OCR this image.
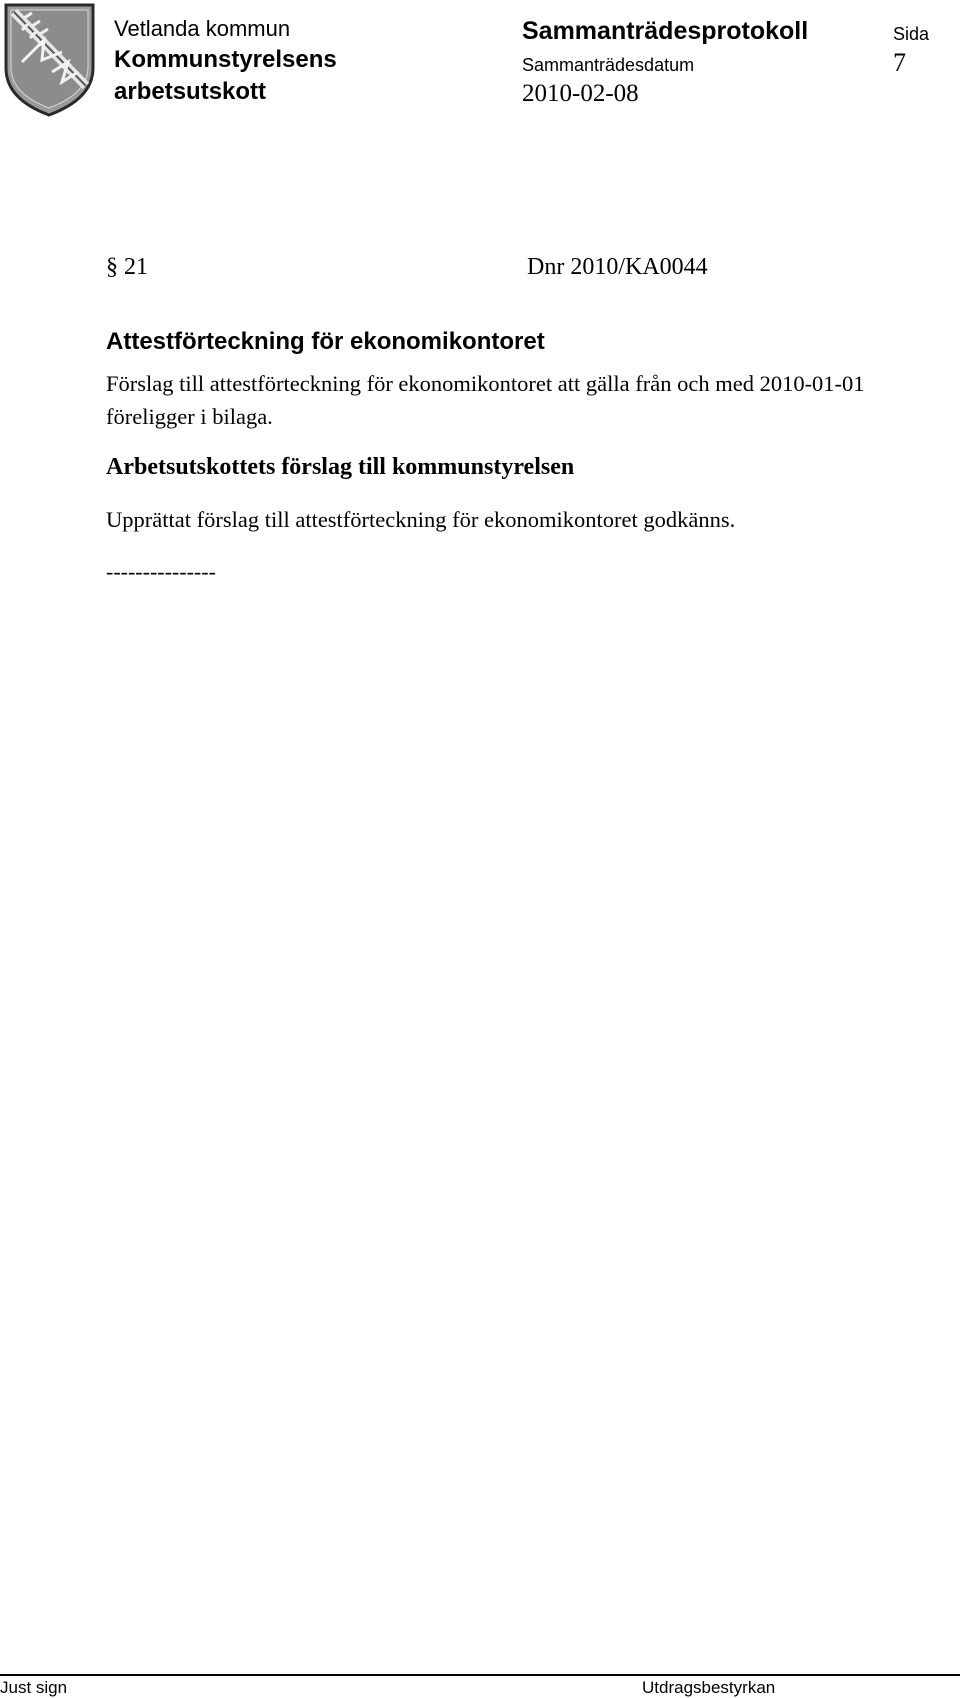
Vetlanda kommun
Kommunstyrelsens
arbetsutskott
Sammanträdesprotokoll
Sammanträdesdatum
2010-02-08
Sida
7
§ 21	Dnr 2010/KA0044
Attestförteckning för ekonomikontoret
Förslag till attestförteckning för ekonomikontoret att gälla från och med 2010-01-01 föreligger i bilaga.
Arbetsutskottets förslag till kommunstyrelsen
Upprättat förslag till attestförteckning för ekonomikontoret godkänns.
---------------
Just sign	Utdragsbestyrkan
